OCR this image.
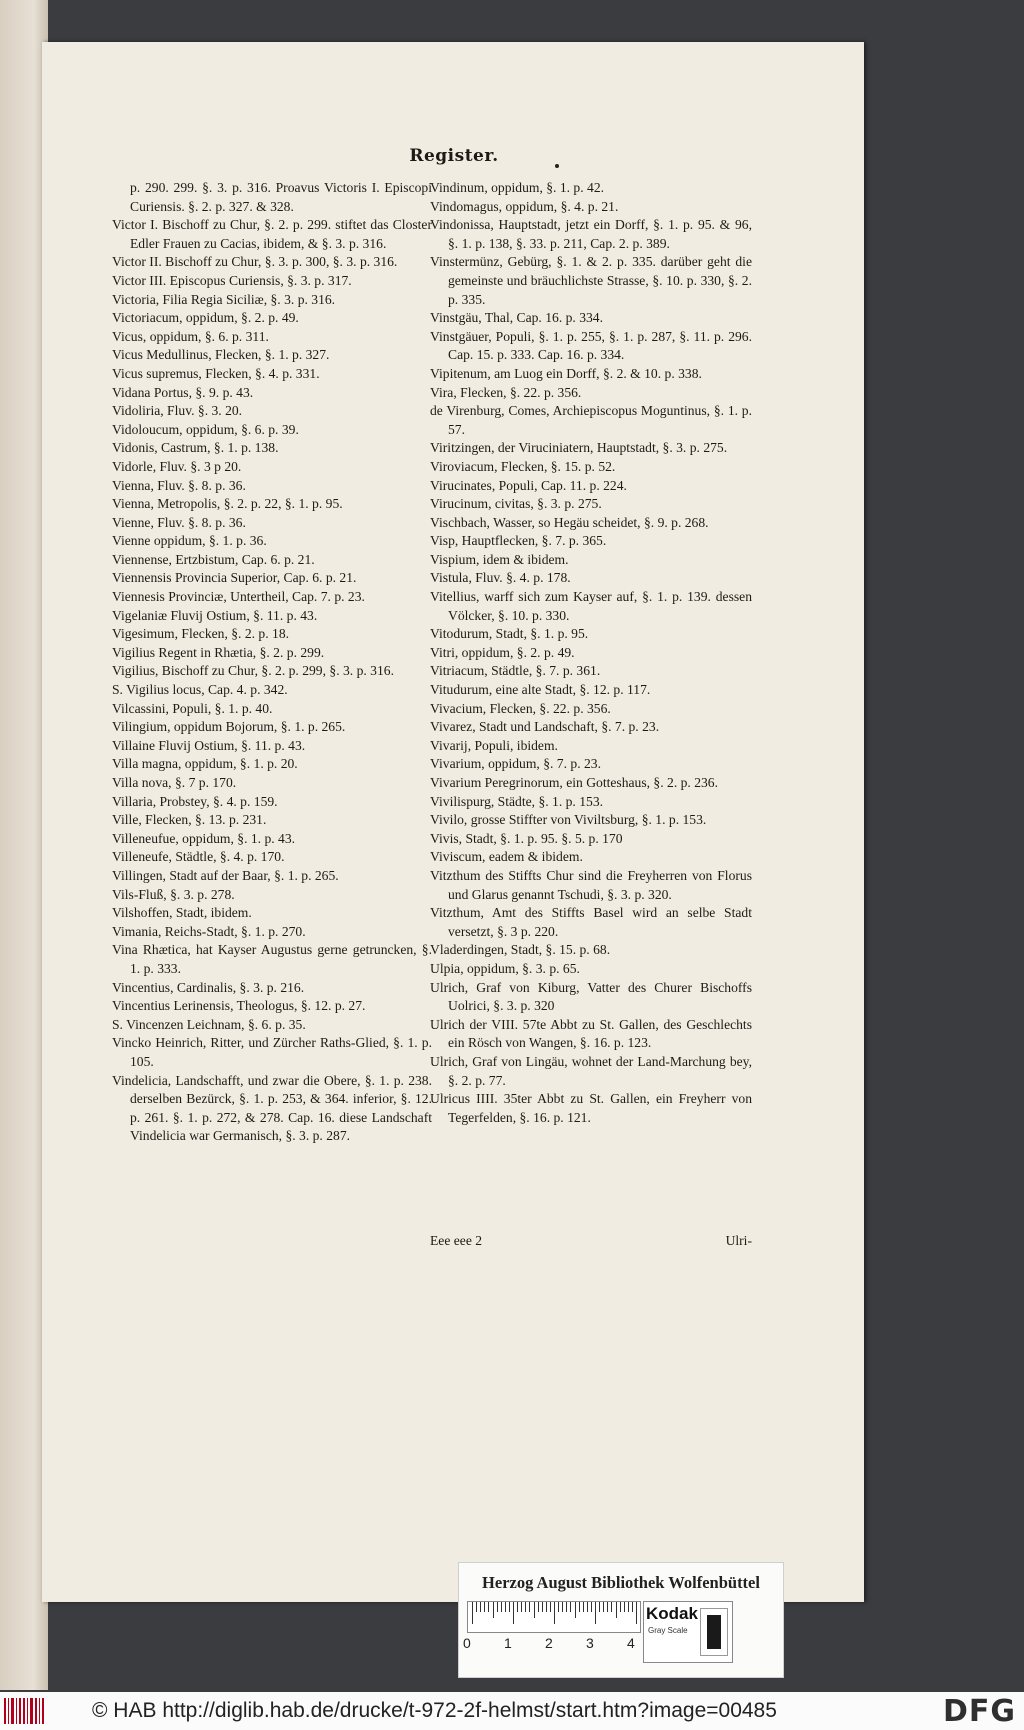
Register.

p. 290. 299. §. 3. p. 316. Proavus Victoris I. Episcopi Curiensis. §. 2. p. 327. & 328.

Victor I. Bischoff zu Chur, §. 2. p. 299. stiftet das Closter Edler Frauen zu Cacias, ibidem, & §. 3. p. 316.

Victor II. Bischoff zu Chur, §. 3. p. 300, §. 3. p. 316.

Victor III. Episcopus Curiensis, §. 3. p. 317.

Victoria, Filia Regia Siciliæ, §. 3. p. 316.

Victoriacum, oppidum, §. 2. p. 49.

Vicus, oppidum, §. 6. p. 311.

Vicus Medullinus, Flecken, §. 1. p. 327.

Vicus supremus, Flecken, §. 4. p. 331.

Vidana Portus, §. 9. p. 43.

Vidoliria, Fluv. §. 3. 20.

Vidoloucum, oppidum, §. 6. p. 39.

Vidonis, Castrum, §. 1. p. 138.

Vidorle, Fluv. §. 3 p 20.

Vienna, Fluv. §. 8. p. 36.

Vienna, Metropolis, §. 2. p. 22, §. 1. p. 95.

Vienne, Fluv. §. 8. p. 36.

Vienne oppidum, §. 1. p. 36.

Viennense, Ertzbistum, Cap. 6. p. 21.

Viennensis Provincia Superior, Cap. 6. p. 21.

Viennesis Provinciæ, Untertheil, Cap. 7. p. 23.

Vigelaniæ Fluvij Ostium, §. 11. p. 43.

Vigesimum, Flecken, §. 2. p. 18.

Vigilius Regent in Rhætia, §. 2. p. 299.

Vigilius, Bischoff zu Chur, §. 2. p. 299, §. 3. p. 316.

S. Vigilius locus, Cap. 4. p. 342.

Vilcassini, Populi, §. 1. p. 40.

Vilingium, oppidum Bojorum, §. 1. p. 265.

Villaine Fluvij Ostium, §. 11. p. 43.

Villa magna, oppidum, §. 1. p. 20.

Villa nova, §. 7 p. 170.

Villaria, Probstey, §. 4. p. 159.

Ville, Flecken, §. 13. p. 231.

Villeneufue, oppidum, §. 1. p. 43.

Villeneufe, Städtle, §. 4. p. 170.

Villingen, Stadt auf der Baar, §. 1. p. 265.

Vils-Fluß, §. 3. p. 278.

Vilshoffen, Stadt, ibidem.

Vimania, Reichs-Stadt, §. 1. p. 270.

Vina Rhætica, hat Kayser Augustus gerne getruncken, §. 1. p. 333.

Vincentius, Cardinalis, §. 3. p. 216.

Vincentius Lerinensis, Theologus, §. 12. p. 27.

S. Vincenzen Leichnam, §. 6. p. 35.

Vincko Heinrich, Ritter, und Zürcher Raths-Glied, §. 1. p. 105.

Vindelicia, Landschafft, und zwar die Obere, §. 1. p. 238. derselben Bezürck, §. 1. p. 253, & 364. inferior, §. 12. p. 261. §. 1. p. 272, & 278. Cap. 16. diese Landschaft Vindelicia war Germanisch, §. 3. p. 287.

Vindinum, oppidum, §. 1. p. 42.

Vindomagus, oppidum, §. 4. p. 21.

Vindonissa, Hauptstadt, jetzt ein Dorff, §. 1. p. 95. & 96, §. 1. p. 138, §. 33. p. 211, Cap. 2. p. 389.

Vinstermünz, Gebürg, §. 1. & 2. p. 335. darüber geht die gemeinste und bräuchlichste Strasse, §. 10. p. 330, §. 2. p. 335.

Vinstgäu, Thal, Cap. 16. p. 334.

Vinstgäuer, Populi, §. 1. p. 255, §. 1. p. 287, §. 11. p. 296. Cap. 15. p. 333. Cap. 16. p. 334.

Vipitenum, am Luog ein Dorff, §. 2. & 10. p. 338.

Vira, Flecken, §. 22. p. 356.

de Virenburg, Comes, Archiepiscopus Moguntinus, §. 1. p. 57.

Viritzingen, der Viruciniatern, Hauptstadt, §. 3. p. 275.

Viroviacum, Flecken, §. 15. p. 52.

Virucinates, Populi, Cap. 11. p. 224.

Virucinum, civitas, §. 3. p. 275.

Vischbach, Wasser, so Hegäu scheidet, §. 9. p. 268.

Visp, Hauptflecken, §. 7. p. 365.

Vispium, idem & ibidem.

Vistula, Fluv. §. 4. p. 178.

Vitellius, warff sich zum Kayser auf, §. 1. p. 139. dessen Völcker, §. 10. p. 330.

Vitodurum, Stadt, §. 1. p. 95.

Vitri, oppidum, §. 2. p. 49.

Vitriacum, Städtle, §. 7. p. 361.

Vitudurum, eine alte Stadt, §. 12. p. 117.

Vivacium, Flecken, §. 22. p. 356.

Vivarez, Stadt und Landschaft, §. 7. p. 23.

Vivarij, Populi, ibidem.

Vivarium, oppidum, §. 7. p. 23.

Vivarium Peregrinorum, ein Gotteshaus, §. 2. p. 236.

Vivilispurg, Städte, §. 1. p. 153.

Vivilo, grosse Stiffter von Viviltsburg, §. 1. p. 153.

Vivis, Stadt, §. 1. p. 95. §. 5. p. 170

Viviscum, eadem & ibidem.

Vitzthum des Stiffts Chur sind die Freyherren von Florus und Glarus genannt Tschudi, §. 3. p. 320.

Vitzthum, Amt des Stiffts Basel wird an selbe Stadt versetzt, §. 3 p. 220.

Vladerdingen, Stadt, §. 15. p. 68.

Ulpia, oppidum, §. 3. p. 65.

Ulrich, Graf von Kiburg, Vatter des Churer Bischoffs Uolrici, §. 3. p. 320

Ulrich der VIII. 57te Abbt zu St. Gallen, des Geschlechts ein Rösch von Wangen, §. 16. p. 123.

Ulrich, Graf von Lingäu, wohnet der Land-Marchung bey, §. 2. p. 77.

Ulricus IIII. 35ter Abbt zu St. Gallen, ein Freyherr von Tegerfelden, §. 16. p. 121.

Eee eee 2	Ulri-
Herzog August Bibliothek Wolfenbüttel
0 1 2 3 4
Kodak
Gray Scale
© HAB http://diglib.hab.de/drucke/t-972-2f-helmst/start.htm?image=00485	DFG
